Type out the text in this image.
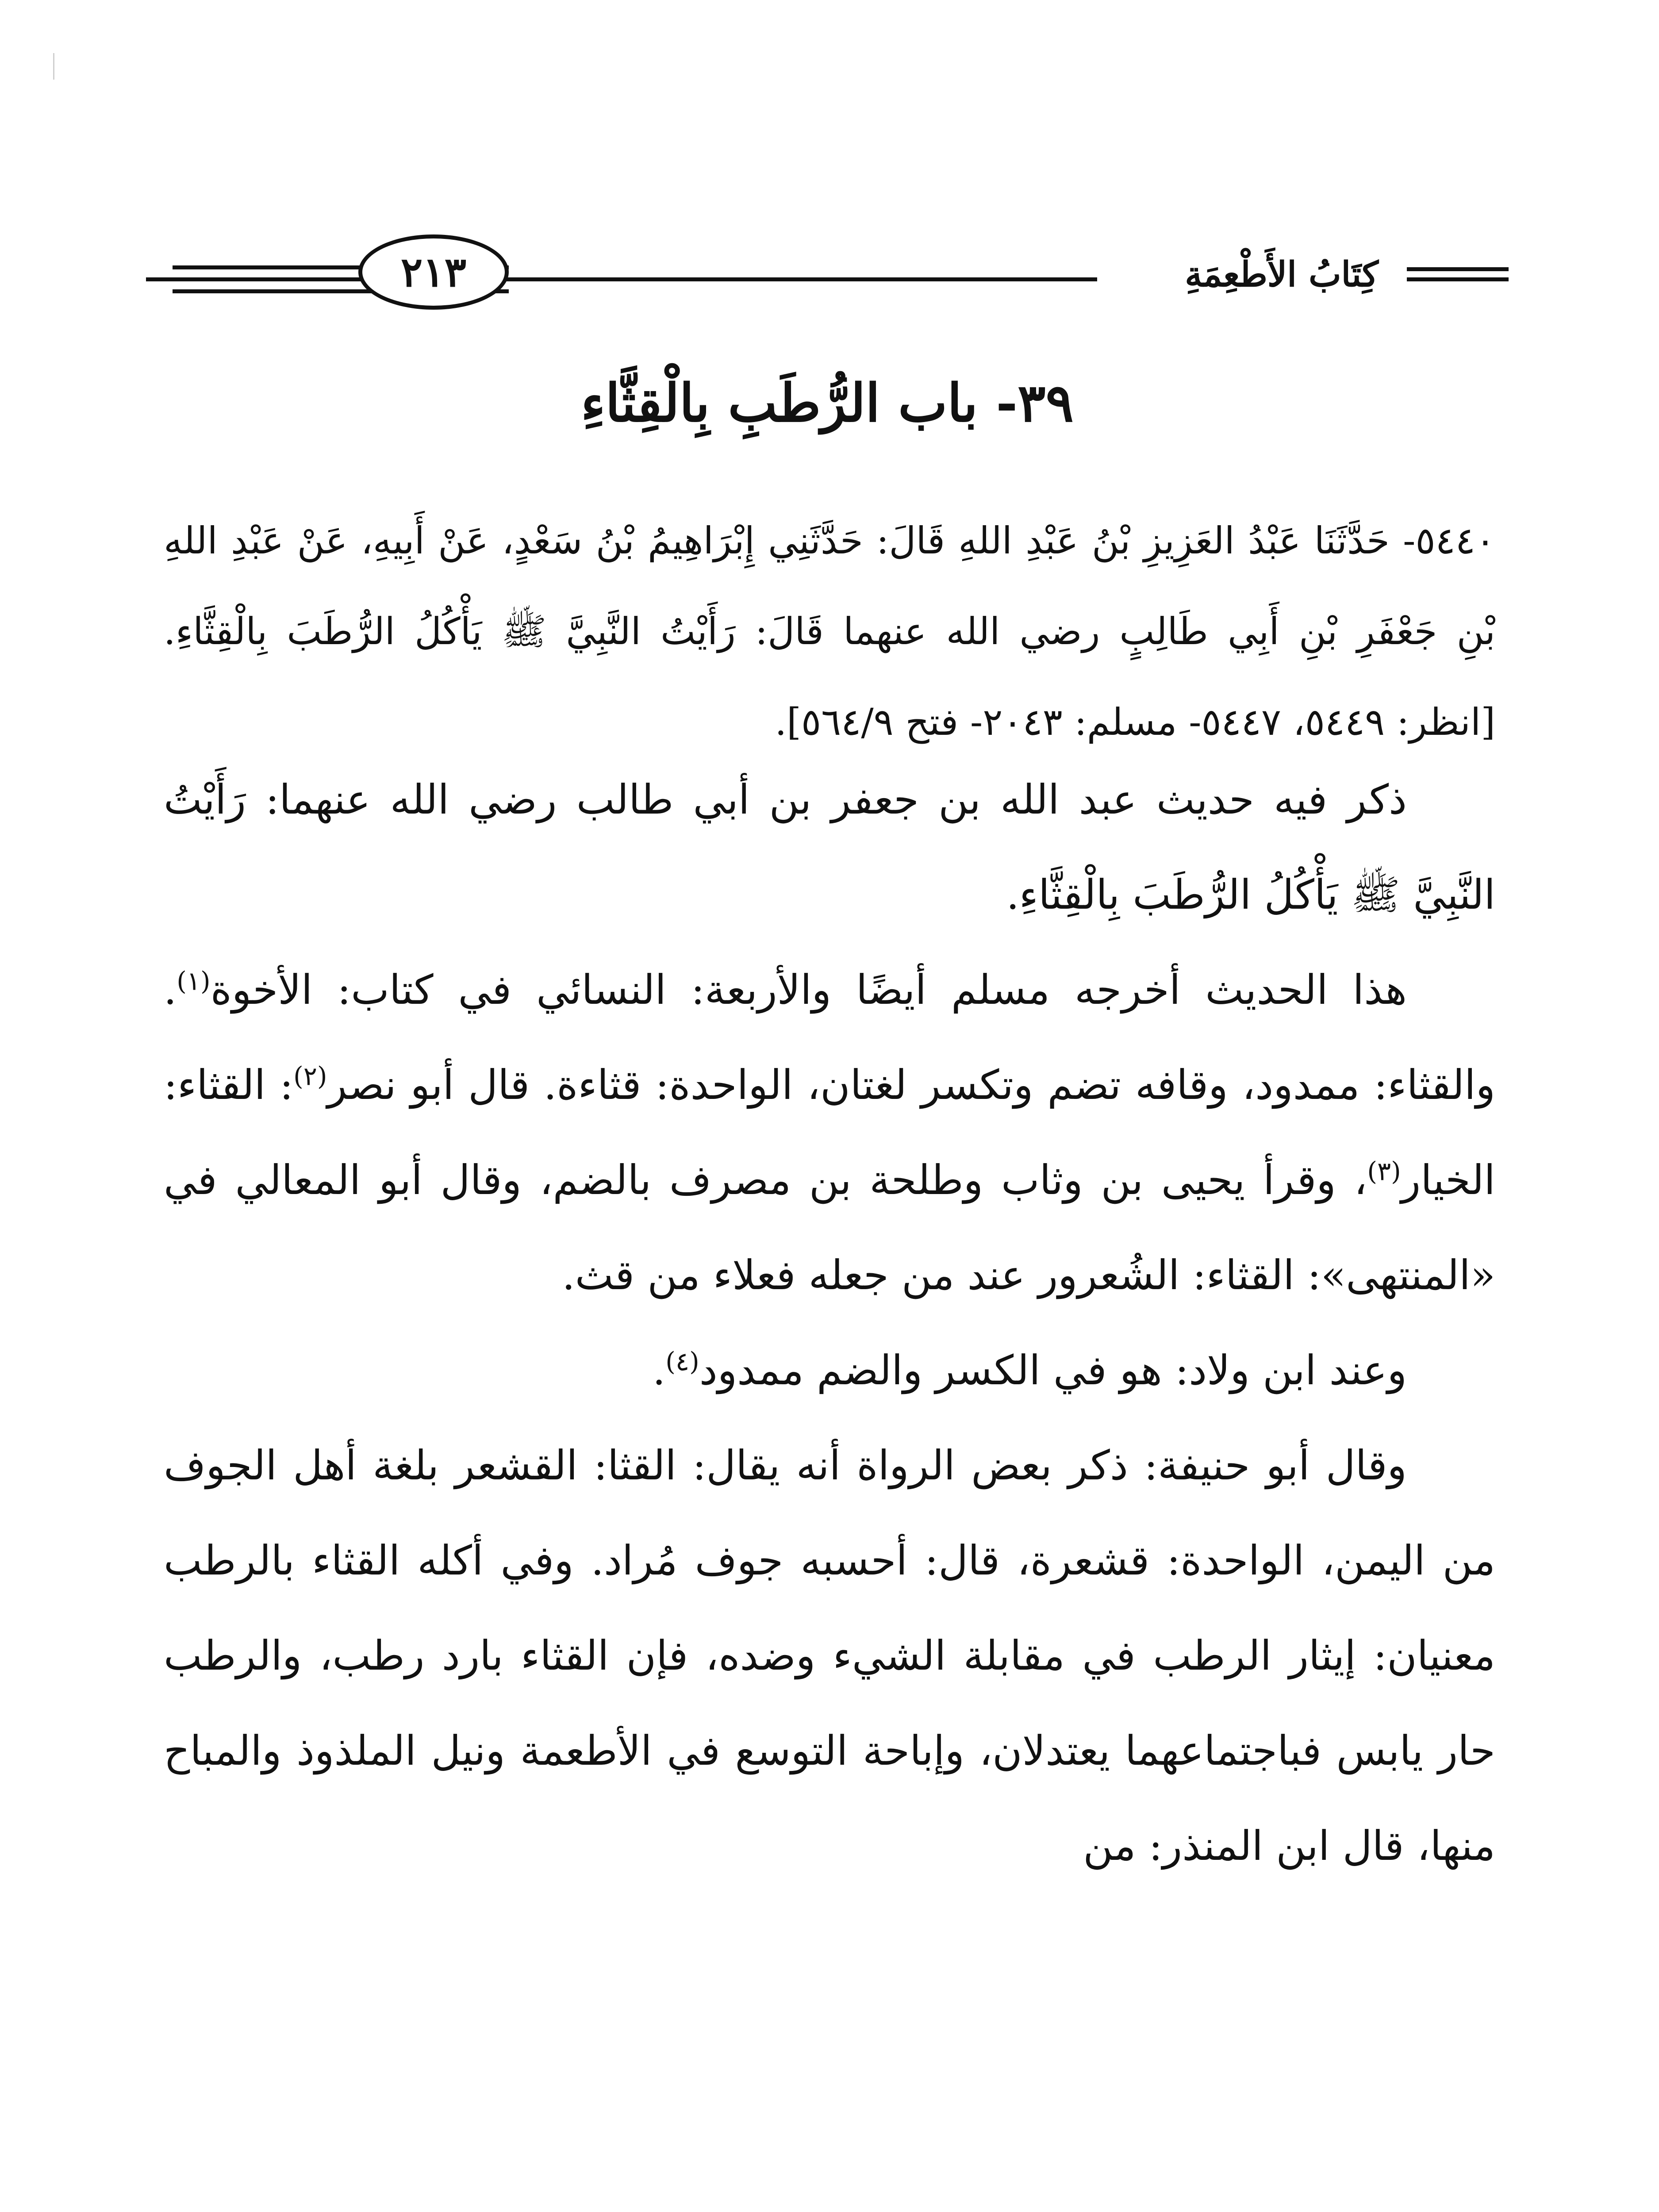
٢١٣	كِتَابُ الأَطْعِمَةِ
٣٩- باب الرُّطَبِ بِالْقِثَّاءِ
٥٤٤٠- حَدَّثَنَا عَبْدُ العَزِيزِ بْنُ عَبْدِ اللهِ قَالَ: حَدَّثَنِي إِبْرَاهِيمُ بْنُ سَعْدٍ، عَنْ أَبِيهِ، عَنْ عَبْدِ اللهِ بْنِ جَعْفَرِ بْنِ أَبِي طَالِبٍ رضي الله عنهما قَالَ: رَأَيْتُ النَّبِيَّ ﷺ يَأْكُلُ الرُّطَبَ بِالْقِثَّاءِ. [انظر: ٥٤٤٩، ٥٤٤٧- مسلم: ٢٠٤٣- فتح ٥٦٤/٩].

ذكر فيه حديث عبد الله بن جعفر بن أبي طالب رضي الله عنهما: رَأَيْتُ النَّبِيَّ ﷺ يَأْكُلُ الرُّطَبَ بِالْقِثَّاءِ.

هذا الحديث أخرجه مسلم أيضًا والأربعة: النسائي في كتاب: الأخوة$^{(١)}$. والقثاء: ممدود، وقافه تضم وتكسر لغتان، الواحدة: قثاءة. قال أبو نصر$^{(٢)}$: القثاء: الخيار$^{(٣)}$، وقرأ يحيى بن وثاب وطلحة بن مصرف بالضم، وقال أبو المعالي في «المنتهى»: القثاء: الشُعرور عند من جعله فعلاء من قث.

وعند ابن ولاد: هو في الكسر والضم ممدود$^{(٤)}$.

وقال أبو حنيفة: ذكر بعض الرواة أنه يقال: القثا: القشعر بلغة أهل الجوف من اليمن، الواحدة: قشعرة، قال: أحسبه جوف مُراد. وفي أكله القثاء بالرطب معنيان: إيثار الرطب في مقابلة الشيء وضده، فإن القثاء بارد رطب، والرطب حار يابس فباجتماعهما يعتدلان، وإباحة التوسع في الأطعمة ونيل الملذوذ والمباح منها، قال ابن المنذر: من
